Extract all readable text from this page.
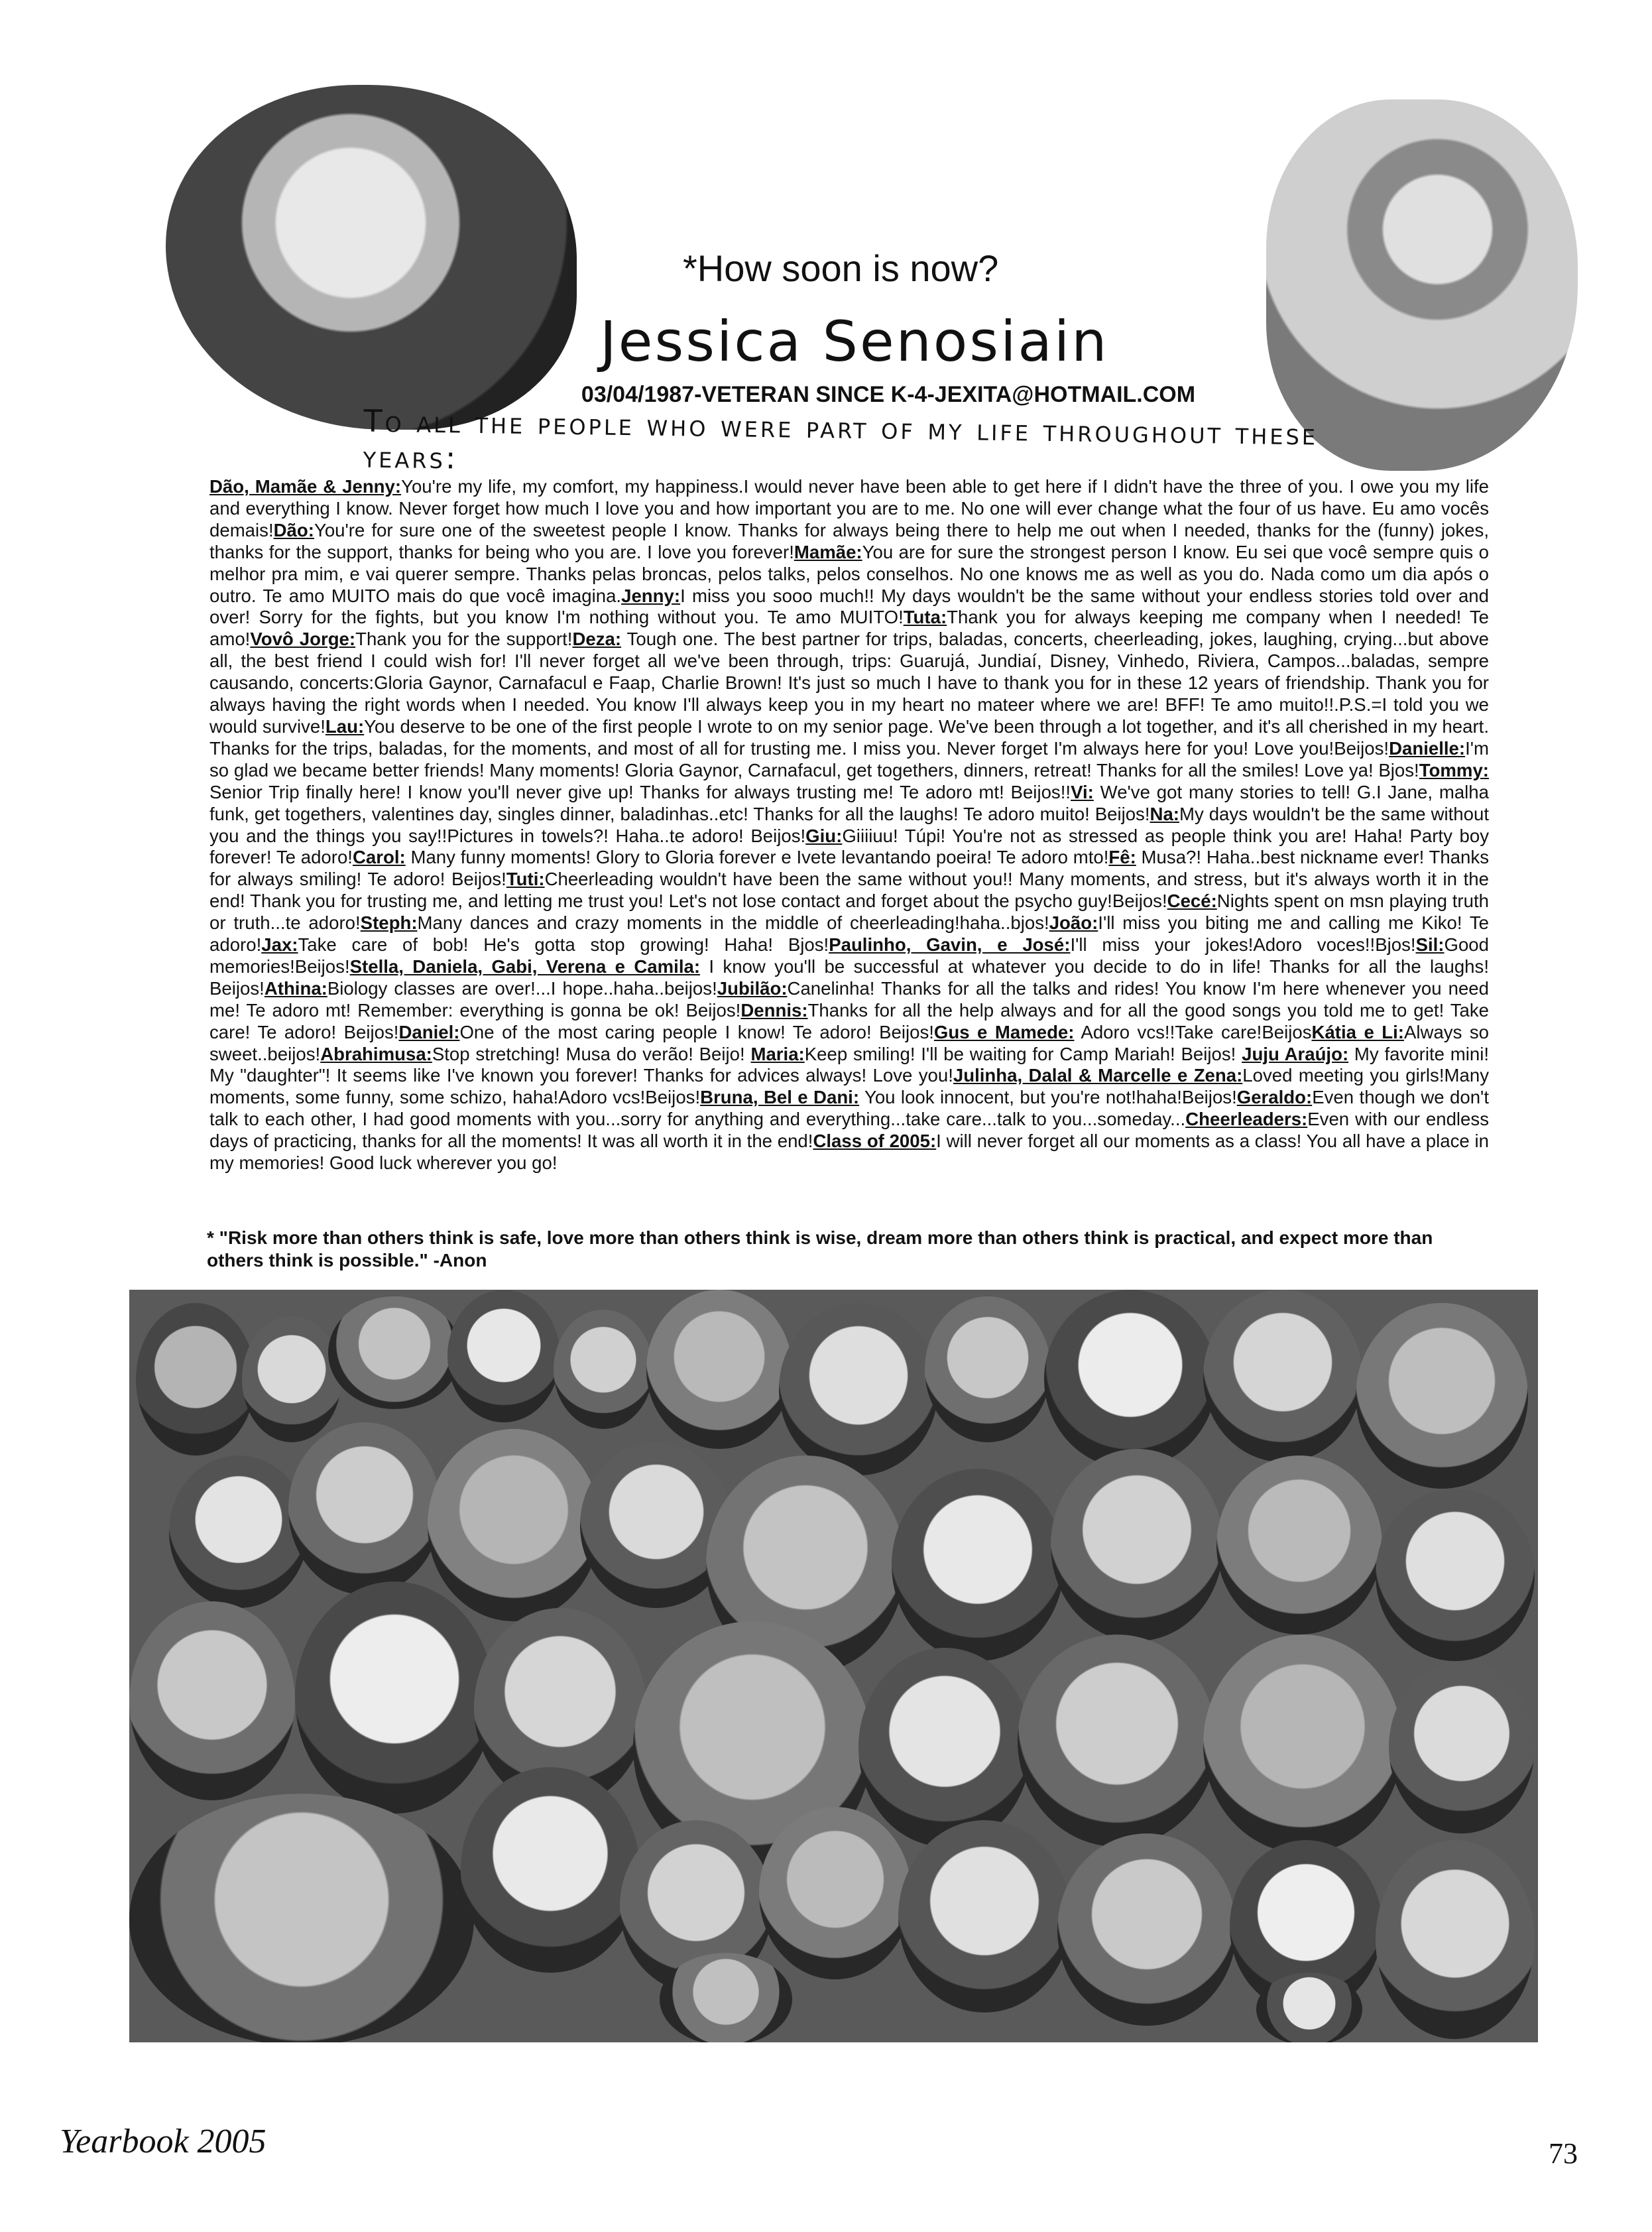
*How soon is now?
Jessica Senosiain
03/04/1987-VETERAN SINCE K-4-JEXITA@HOTMAIL.COM
To all the people who were part of my life throughout these years:
Dão, Mamãe & Jenny:You're my life, my comfort, my happiness.I would never have been able to get here if I didn't have the three of you. I owe you my life and everything I know. Never forget how much I love you and how important you are to me. No one will ever change what the four of us have. Eu amo vocês demais!Dão:You're for sure one of the sweetest people I know. Thanks for always being there to help me out when I needed, thanks for the (funny) jokes, thanks for the support, thanks for being who you are. I love you forever!Mamãe:You are for sure the strongest person I know. Eu sei que você sempre quis o melhor pra mim, e vai querer sempre. Thanks pelas broncas, pelos talks, pelos conselhos. No one knows me as well as you do. Nada como um dia após o outro. Te amo MUITO mais do que você imagina.Jenny:I miss you sooo much!! My days wouldn't be the same without your endless stories told over and over! Sorry for the fights, but you know I'm nothing without you. Te amo MUITO!Tuta:Thank you for always keeping me company when I needed! Te amo!Vovô Jorge:Thank you for the support!Deza: Tough one. The best partner for trips, baladas, concerts, cheerleading, jokes, laughing, crying...but above all, the best friend I could wish for! I'll never forget all we've been through, trips: Guarujá, Jundiaí, Disney, Vinhedo, Riviera, Campos...baladas, sempre causando, concerts:Gloria Gaynor, Carnafacul e Faap, Charlie Brown! It's just so much I have to thank you for in these 12 years of friendship. Thank you for always having the right words when I needed. You know I'll always keep you in my heart no mateer where we are! BFF! Te amo muito!!.P.S.=I told you we would survive!Lau:You deserve to be one of the first people I wrote to on my senior page. We've been through a lot together, and it's all cherished in my heart. Thanks for the trips, baladas, for the moments, and most of all for trusting me. I miss you. Never forget I'm always here for you! Love you!Beijos!Danielle:I'm so glad we became better friends! Many moments! Gloria Gaynor, Carnafacul, get togethers, dinners, retreat! Thanks for all the smiles! Love ya! Bjos!Tommy: Senior Trip finally here! I know you'll never give up! Thanks for always trusting me! Te adoro mt! Beijos!!Vi: We've got many stories to tell! G.I Jane, malha funk, get togethers, valentines day, singles dinner, baladinhas..etc! Thanks for all the laughs! Te adoro muito! Beijos!Na:My days wouldn't be the same without you and the things you say!!Pictures in towels?! Haha..te adoro! Beijos!Giu:Giiiiuu! Túpi! You're not as stressed as people think you are! Haha! Party boy forever! Te adoro!Carol: Many funny moments! Glory to Gloria forever e Ivete levantando poeira! Te adoro mto!Fê: Musa?! Haha..best nickname ever! Thanks for always smiling! Te adoro! Beijos!Tuti:Cheerleading wouldn't have been the same without you!! Many moments, and stress, but it's always worth it in the end! Thank you for trusting me, and letting me trust you! Let's not lose contact and forget about the psycho guy!Beijos!Cecé:Nights spent on msn playing truth or truth...te adoro!Steph:Many dances and crazy moments in the middle of cheerleading!haha..bjos!João:I'll miss you biting me and calling me Kiko! Te adoro!Jax:Take care of bob! He's gotta stop growing! Haha! Bjos!Paulinho, Gavin, e José:I'll miss your jokes!Adoro voces!!Bjos!Sil:Good memories!Beijos!Stella, Daniela, Gabi, Verena e Camila: I know you'll be successful at whatever you decide to do in life! Thanks for all the laughs! Beijos!Athina:Biology classes are over!...I hope..haha..beijos!Jubilão:Canelinha! Thanks for all the talks and rides! You know I'm here whenever you need me! Te adoro mt! Remember: everything is gonna be ok! Beijos!Dennis:Thanks for all the help always and for all the good songs you told me to get! Take care! Te adoro! Beijos!Daniel:One of the most caring people I know! Te adoro! Beijos!Gus e Mamede: Adoro vcs!!Take care!BeijosKátia e Li:Always so sweet..beijos!Abrahimusa:Stop stretching! Musa do verão! Beijo! Maria:Keep smiling! I'll be waiting for Camp Mariah! Beijos! Juju Araújo: My favorite mini! My "daughter"! It seems like I've known you forever! Thanks for advices always! Love you!Julinha, Dalal & Marcelle e Zena:Loved meeting you girls!Many moments, some funny, some schizo, haha!Adoro vcs!Beijos!Bruna, Bel e Dani: You look innocent, but you're not!haha!Beijos!Geraldo:Even though we don't talk to each other, I had good moments with you...sorry for anything and everything...take care...talk to you...someday...Cheerleaders:Even with our endless days of practicing, thanks for all the moments! It was all worth it in the end!Class of 2005:I will never forget all our moments as a class! You all have a place in my memories! Good luck wherever you go!
* "Risk more than others think is safe, love more than others think is wise, dream more than others think is practical, and expect more than others think is possible." -Anon
Yearbook 2005	73
